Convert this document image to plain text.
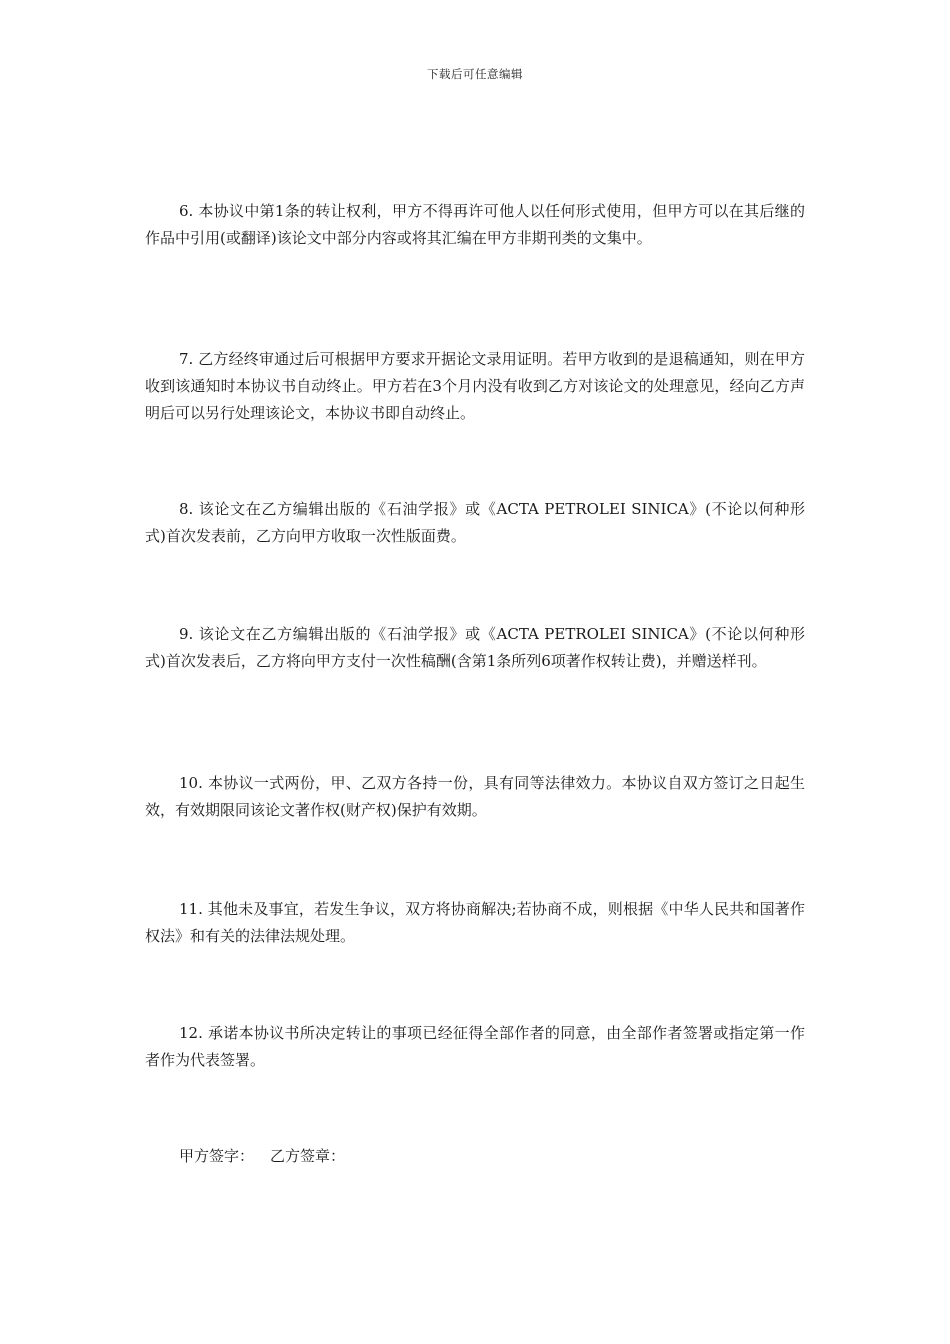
下载后可任意编辑

6. 本协议中第1条的转让权利，甲方不得再许可他人以任何形式使用，但甲方可以在其后继的作品中引用(或翻译)该论文中部分内容或将其汇编在甲方非期刊类的文集中。

7. 乙方经终审通过后可根据甲方要求开据论文录用证明。若甲方收到的是退稿通知，则在甲方收到该通知时本协议书自动终止。甲方若在3个月内没有收到乙方对该论文的处理意见，经向乙方声明后可以另行处理该论文，本协议书即自动终止。

8. 该论文在乙方编辑出版的《石油学报》或《ACTA PETROLEI SINICA》(不论以何种形式)首次发表前，乙方向甲方收取一次性版面费。

9. 该论文在乙方编辑出版的《石油学报》或《ACTA PETROLEI SINICA》(不论以何种形式)首次发表后，乙方将向甲方支付一次性稿酬(含第1条所列6项著作权转让费)，并赠送样刊。

10. 本协议一式两份，甲、乙双方各持一份，具有同等法律效力。本协议自双方签订之日起生效，有效期限同该论文著作权(财产权)保护有效期。

11. 其他未及事宜，若发生争议，双方将协商解决;若协商不成，则根据《中华人民共和国著作权法》和有关的法律法规处理。

12. 承诺本协议书所决定转让的事项已经征得全部作者的同意，由全部作者签署或指定第一作者作为代表签署。

甲方签字： 乙方签章：
